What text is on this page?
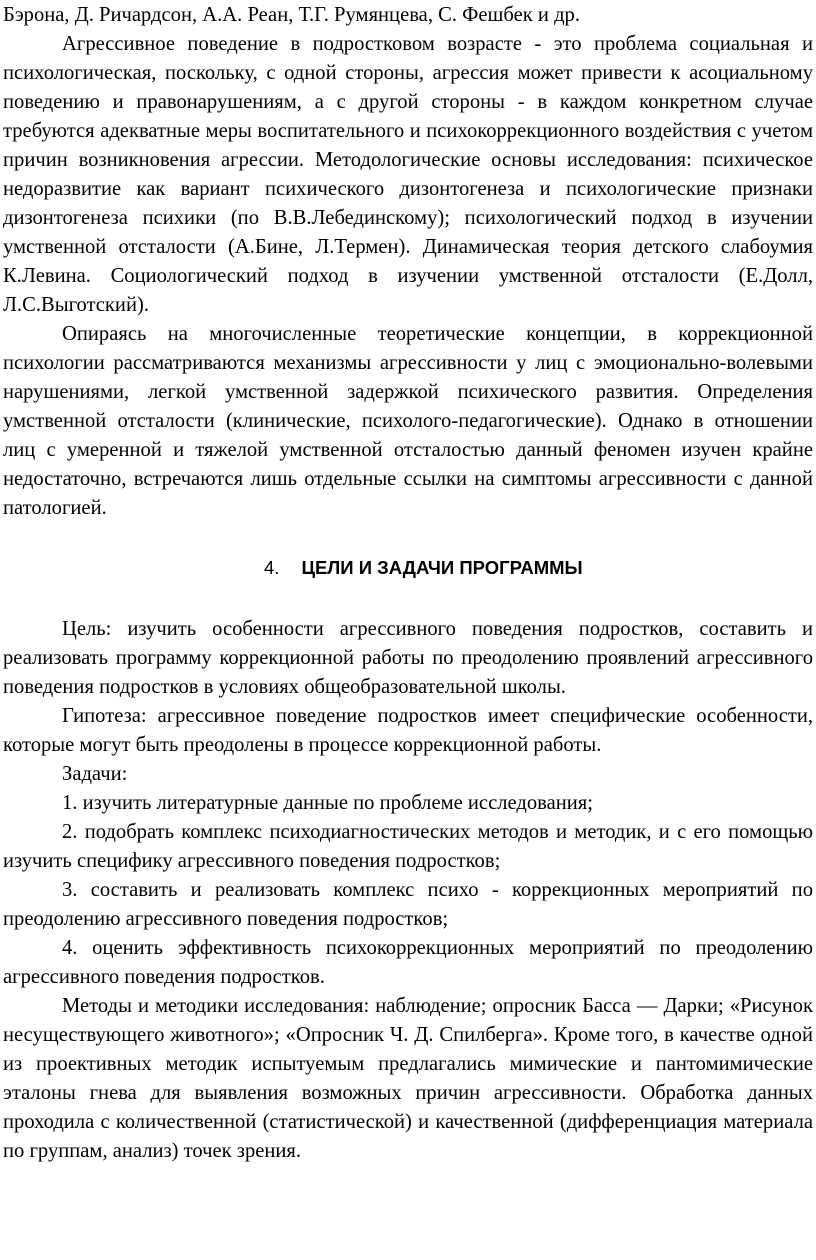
Бэрона, Д. Ричардсон, А.А. Реан, Т.Г. Румянцева, С. Фешбек и др.

Агрессивное поведение в подростковом возрасте - это проблема социальная и психологическая, поскольку, с одной стороны, агрессия может привести к асоциальному поведению и правонарушениям, а с другой стороны - в каждом конкретном случае требуются адекватные меры воспитательного и психокоррекционного воздействия с учетом причин возникновения агрессии. Методологические основы исследования: психическое недоразвитие как вариант психического дизонтогенеза и психологические признаки дизонтогенеза психики (по В.В.Лебединскому); психологический подход в изучении умственной отсталости (А.Бине, Л.Термен). Динамическая теория детского слабоумия К.Левина. Социологический подход в изучении умственной отсталости (Е.Долл, Л.С.Выготский).

Опираясь на многочисленные теоретические концепции, в коррекционной психологии рассматриваются механизмы агрессивности у лиц с эмоционально-волевыми нарушениями, легкой умственной задержкой психического развития. Определения умственной отсталости (клинические, психолого-педагогические). Однако в отношении лиц с умеренной и тяжелой умственной отсталостью данный феномен изучен крайне недостаточно, встречаются лишь отдельные ссылки на симптомы агрессивности с данной патологией.

4. ЦЕЛИ И ЗАДАЧИ ПРОГРАММЫ

Цель: изучить особенности агрессивного поведения подростков, составить и реализовать программу коррекционной работы по преодолению проявлений агрессивного поведения подростков в условиях общеобразовательной школы.

Гипотеза: агрессивное поведение подростков имеет специфические особенности, которые могут быть преодолены в процессе коррекционной работы.

Задачи:

1. изучить литературные данные по проблеме исследования;

2. подобрать комплекс психодиагностических методов и методик, и с его помощью изучить специфику агрессивного поведения подростков;

3. составить и реализовать комплекс психо - коррекционных мероприятий по преодолению агрессивного поведения подростков;

4. оценить эффективность психокоррекционных мероприятий по преодолению агрессивного поведения подростков.

Методы и методики исследования: наблюдение; опросник Басса — Дарки; «Рисунок несуществующего животного»; «Опросник Ч. Д. Спилберга». Кроме того, в качестве одной из проективных методик испытуемым предлагались мимические и пантомимические эталоны гнева для выявления возможных причин агрессивности. Обработка данных проходила с количественной (статистической) и качественной (дифференциация материала по группам, анализ) точек зрения.
